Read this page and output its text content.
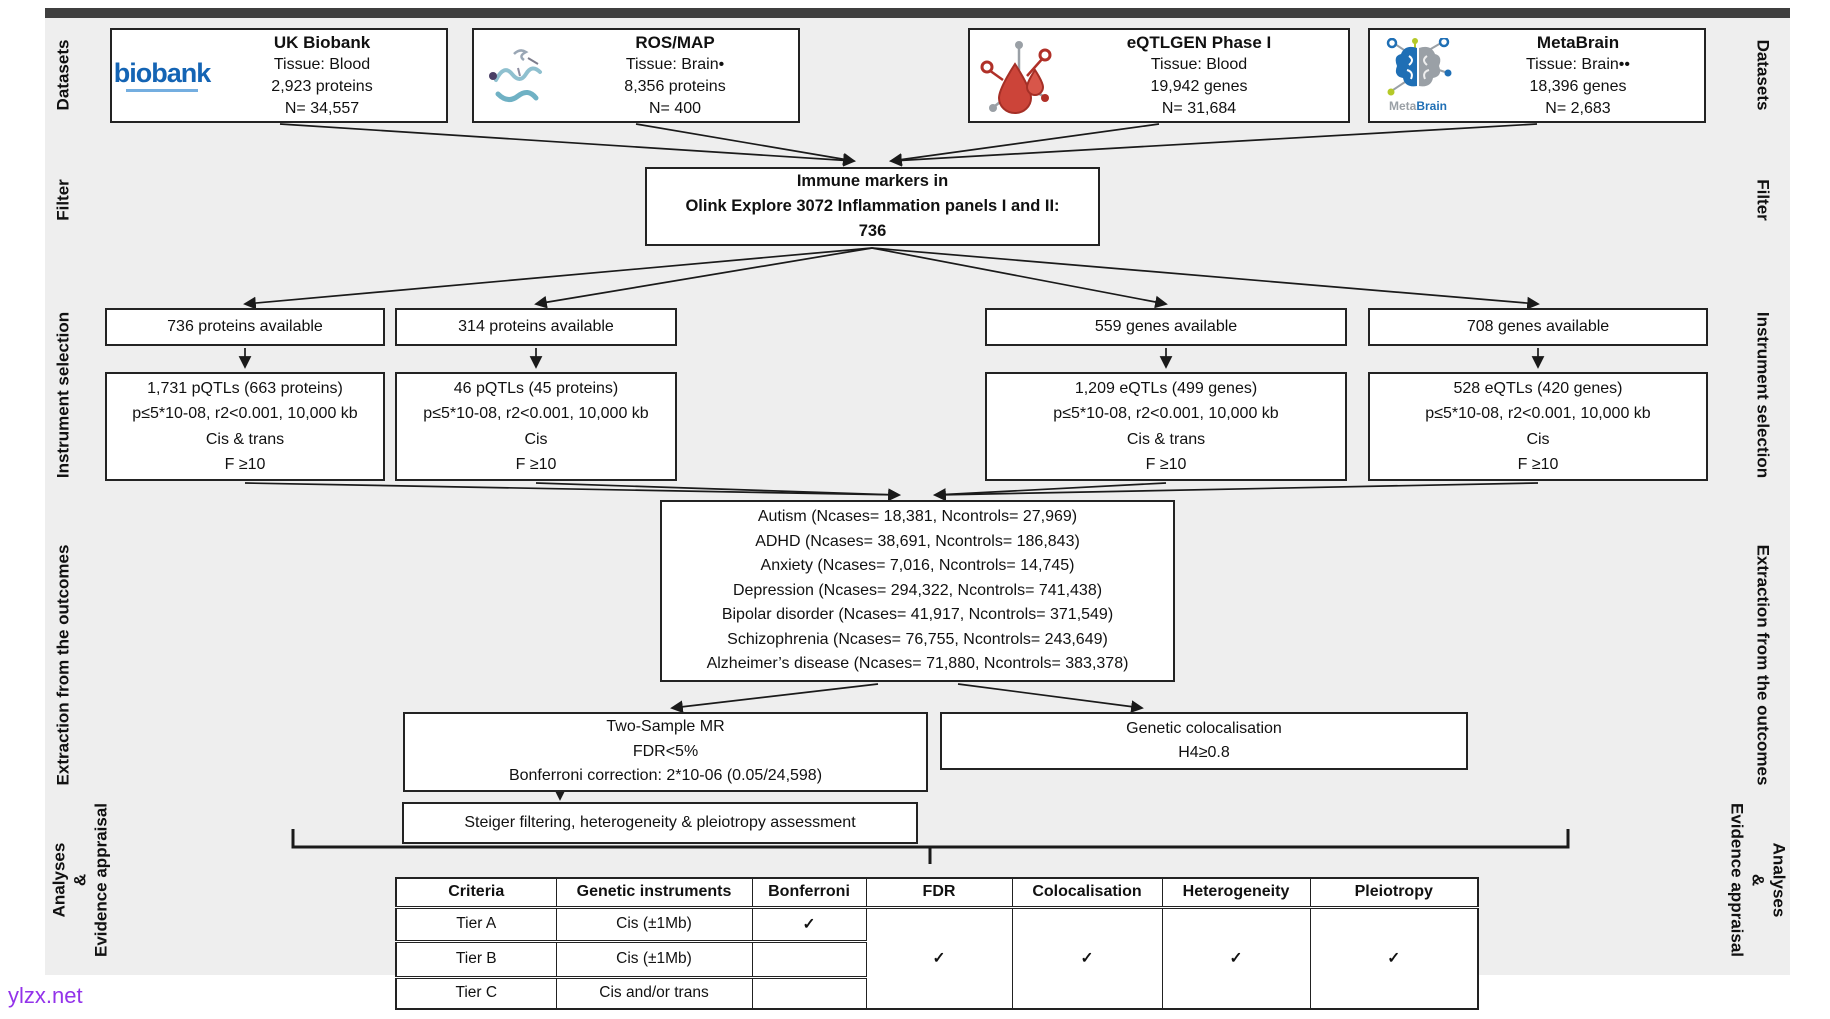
Datasets
Filter
Instrument selection
Extraction from the outcomes
Analyses & Evidence appraisal
Datasets
Filter
Instrument selection
Extraction from the outcomes
Analyses
&
Evidence appraisal
biobank
UK Biobank
Tissue: Blood
2,923 proteins
N= 34,557
ROS/MAP
Tissue: Brain•
8,356 proteins
N= 400
eQTLGEN Phase I
Tissue: Blood
19,942 genes
N= 31,684	MetaBrain
MetaBrain
Tissue: Brain••
18,396 genes
N= 2,683
Immune markers in
Olink Explore 3072 Inflammation panels I and II:
736
736 proteins available	314 proteins available	559 genes available	708 genes available
1,731 pQTLs (663 proteins)
p≤5*10-08, r2<0.001, 10,000 kb
Cis & trans
F ≥10
46 pQTLs (45 proteins)
p≤5*10-08, r2<0.001, 10,000 kb
Cis
F ≥10
1,209 eQTLs (499 genes)
p≤5*10-08, r2<0.001, 10,000 kb
Cis & trans
F ≥10
528 eQTLs (420 genes)
p≤5*10-08, r2<0.001, 10,000 kb
Cis
F ≥10
Autism (Ncases= 18,381, Ncontrols= 27,969)
ADHD (Ncases= 38,691, Ncontrols= 186,843)
Anxiety (Ncases= 7,016, Ncontrols= 14,745)
Depression (Ncases= 294,322, Ncontrols= 741,438)
Bipolar disorder (Ncases= 41,917, Ncontrols= 371,549)
Schizophrenia (Ncases= 76,755, Ncontrols= 243,649)
Alzheimer’s disease (Ncases= 71,880, Ncontrols= 383,378)
Two-Sample MR
FDR<5%
Bonferroni correction: 2*10-06 (0.05/24,598)
Genetic colocalisation
H4≥0.8
Steiger filtering, heterogeneity & pleiotropy assessment
Criteria	Genetic instruments	Bonferroni	FDR	Colocalisation	Heterogeneity	Pleiotropy
Tier A	Cis (±1Mb)	✓	✓	✓	✓	✓
Tier B	Cis (±1Mb)					
Tier C	Cis and/or trans					
ylzx.net
